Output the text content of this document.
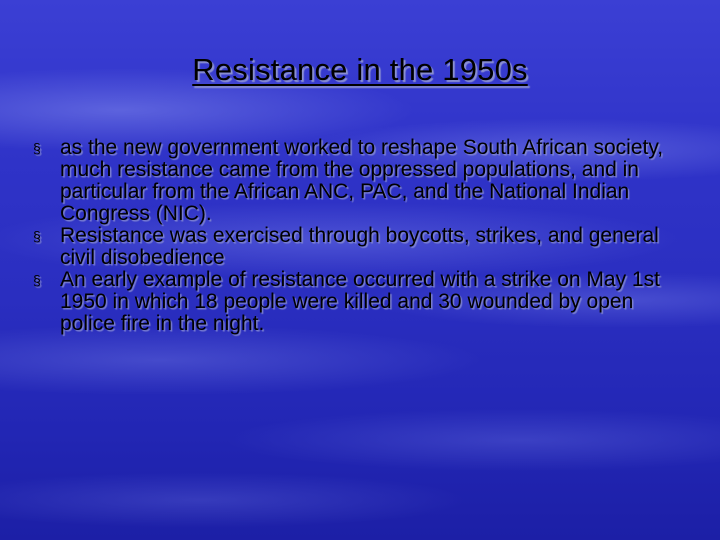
Resistance in the 1950s
§ as the new government worked to reshape South African society, much resistance came from the oppressed populations, and in particular from the African ANC, PAC, and the National Indian Congress (NIC).
§ Resistance was exercised through boycotts, strikes, and general civil disobedience
§ An early example of resistance occurred with a strike on May 1st 1950 in which 18 people were killed and 30 wounded by open police fire in the night.
